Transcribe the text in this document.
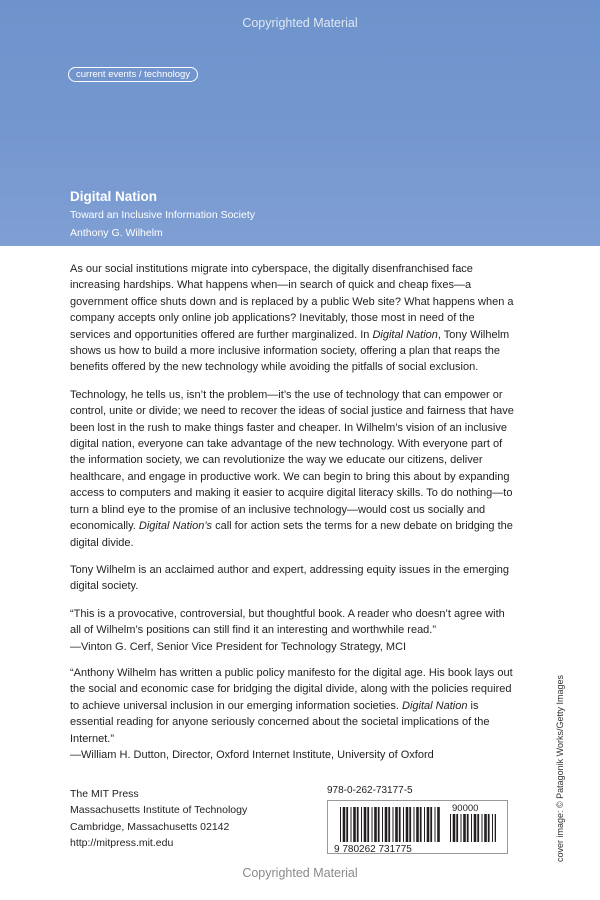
Copyrighted Material
current events / technology
Digital Nation
Toward an Inclusive Information Society
Anthony G. Wilhelm

As our social institutions migrate into cyberspace, the digitally disenfranchised face increasing hardships. What happens when—in search of quick and cheap fixes—a government office shuts down and is replaced by a public Web site? What happens when a company accepts only online job applications? Inevitably, those most in need of the services and opportunities offered are further marginalized. In Digital Nation, Tony Wilhelm shows us how to build a more inclusive information society, offering a plan that reaps the benefits offered by the new technology while avoiding the pitfalls of social exclusion.

Technology, he tells us, isn’t the problem—it’s the use of technology that can empower or control, unite or divide; we need to recover the ideas of social justice and fairness that have been lost in the rush to make things faster and cheaper. In Wilhelm’s vision of an inclusive digital nation, everyone can take advantage of the new technology. With everyone part of the information society, we can revolutionize the way we educate our citizens, deliver healthcare, and engage in productive work. We can begin to bring this about by expanding access to computers and making it easier to acquire digital literacy skills. To do nothing—to turn a blind eye to the promise of an inclusive technology—would cost us socially and economically. Digital Nation’s call for action sets the terms for a new debate on bridging the digital divide.

Tony Wilhelm is an acclaimed author and expert, addressing equity issues in the emerging digital society.

“This is a provocative, controversial, but thoughtful book. A reader who doesn’t agree with all of Wilhelm’s positions can still find it an interesting and worthwhile read.”
—Vinton G. Cerf, Senior Vice President for Technology Strategy, MCI

“Anthony Wilhelm has written a public policy manifesto for the digital age. His book lays out the social and economic case for bridging the digital divide, along with the policies required to achieve universal inclusion in our emerging information societies. Digital Nation is essential reading for anyone seriously concerned about the societal implications of the Internet.”
—William H. Dutton, Director, Oxford Internet Institute, University of Oxford

The MIT Press
Massachusetts Institute of Technology
Cambridge, Massachusetts 02142
http://mitpress.mit.edu
978-0-262-73177-5
9 780262 731775
90000	cover image: © Patagonik Works/Getty Images
Copyrighted Material
